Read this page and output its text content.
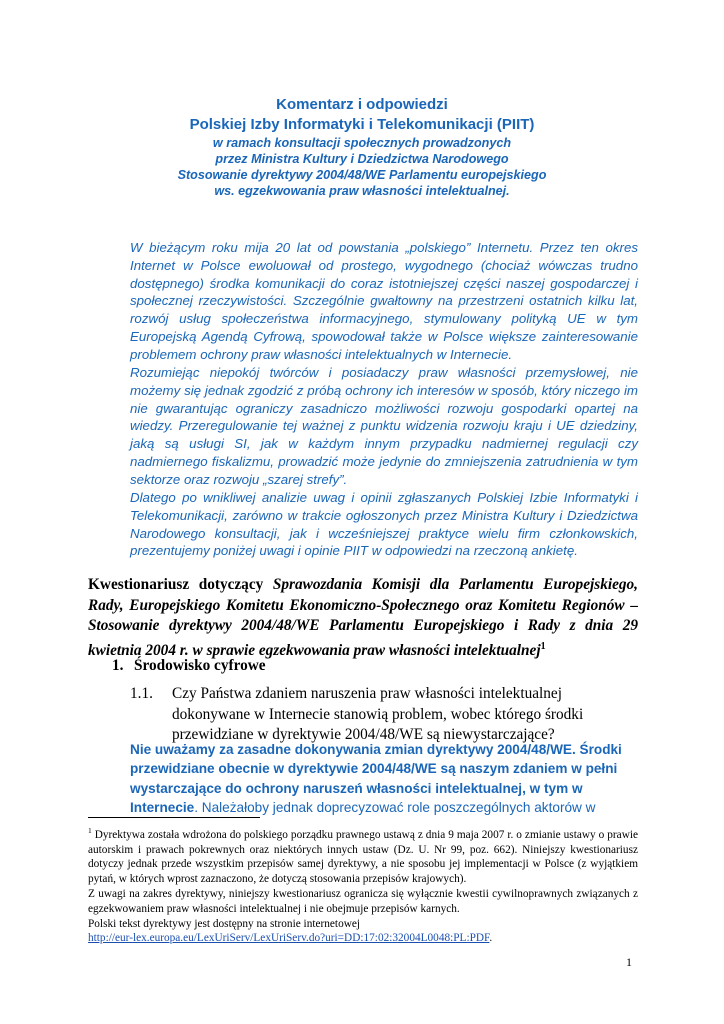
Komentarz i odpowiedzi
Polskiej Izby Informatyki i Telekomunikacji (PIIT)
w ramach konsultacji społecznych prowadzonych
przez Ministra Kultury i Dziedzictwa Narodowego
Stosowanie dyrektywy 2004/48/WE Parlamentu europejskiego
ws. egzekwowania praw własności intelektualnej.

W bieżącym roku mija 20 lat od powstania „polskiego” Internetu. Przez ten okres Internet w Polsce ewoluował od prostego, wygodnego (chociaż wówczas trudno dostępnego) środka komunikacji do coraz istotniejszej części naszej gospodarczej i społecznej rzeczywistości. Szczególnie gwałtowny na przestrzeni ostatnich kilku lat, rozwój usług społeczeństwa informacyjnego, stymulowany polityką UE w tym Europejską Agendą Cyfrową, spowodował także w Polsce większe zainteresowanie problemem ochrony praw własności intelektualnych w Internecie.

Rozumiejąc niepokój twórców i posiadaczy praw własności przemysłowej, nie możemy się jednak zgodzić z próbą ochrony ich interesów w sposób, który niczego im nie gwarantując ograniczy zasadniczo możliwości rozwoju gospodarki opartej na wiedzy. Przeregulowanie tej ważnej z punktu widzenia rozwoju kraju i UE dziedziny, jaką są usługi SI, jak w każdym innym przypadku nadmiernej regulacji czy nadmiernego fiskalizmu, prowadzić może jedynie do zmniejszenia zatrudnienia w tym sektorze oraz rozwoju „szarej strefy”.

Dlatego po wnikliwej analizie uwag i opinii zgłaszanych Polskiej Izbie Informatyki i Telekomunikacji, zarówno w trakcie ogłoszonych przez Ministra Kultury i Dziedzictwa Narodowego konsultacji, jak i wcześniejszej praktyce wielu firm członkowskich, prezentujemy poniżej uwagi i opinie PIIT w odpowiedzi na rzeczoną ankietę.

Kwestionariusz dotyczący Sprawozdania Komisji dla Parlamentu Europejskiego, Rady, Europejskiego Komitetu Ekonomiczno-Społecznego oraz Komitetu Regionów – Stosowanie dyrektywy 2004/48/WE Parlamentu Europejskiego i Rady z dnia 29 kwietnia 2004 r. w sprawie egzekwowania praw własności intelektualnej$^1$

1. Środowisko cyfrowe
1.1. Czy Państwa zdaniem naruszenia praw własności intelektualnej dokonywane w Internecie stanowią problem, wobec którego środki przewidziane w dyrektywie 2004/48/WE są niewystarczające?

Nie uważamy za zasadne dokonywania zmian dyrektywy 2004/48/WE. Środki przewidziane obecnie w dyrektywie 2004/48/WE są naszym zdaniem w pełni wystarczające do ochrony naruszeń własności intelektualnej, w tym w Internecie. Należałoby jednak doprecyzować role poszczególnych aktorów w

$^1$ Dyrektywa została wdrożona do polskiego porządku prawnego ustawą z dnia 9 maja 2007 r. o zmianie ustawy o prawie autorskim i prawach pokrewnych oraz niektórych innych ustaw (Dz. U. Nr 99, poz. 662). Niniejszy kwestionariusz dotyczy jednak przede wszystkim przepisów samej dyrektywy, a nie sposobu jej implementacji w Polsce (z wyjątkiem pytań, w których wprost zaznaczono, że dotyczą stosowania przepisów krajowych).
Z uwagi na zakres dyrektywy, niniejszy kwestionariusz ogranicza się wyłącznie kwestii cywilnoprawnych związanych z egzekwowaniem praw własności intelektualnej i nie obejmuje przepisów karnych.
Polski tekst dyrektywy jest dostępny na stronie internetowej
http://eur-lex.europa.eu/LexUriServ/LexUriServ.do?uri=DD:17:02:32004L0048:PL:PDF.

1
